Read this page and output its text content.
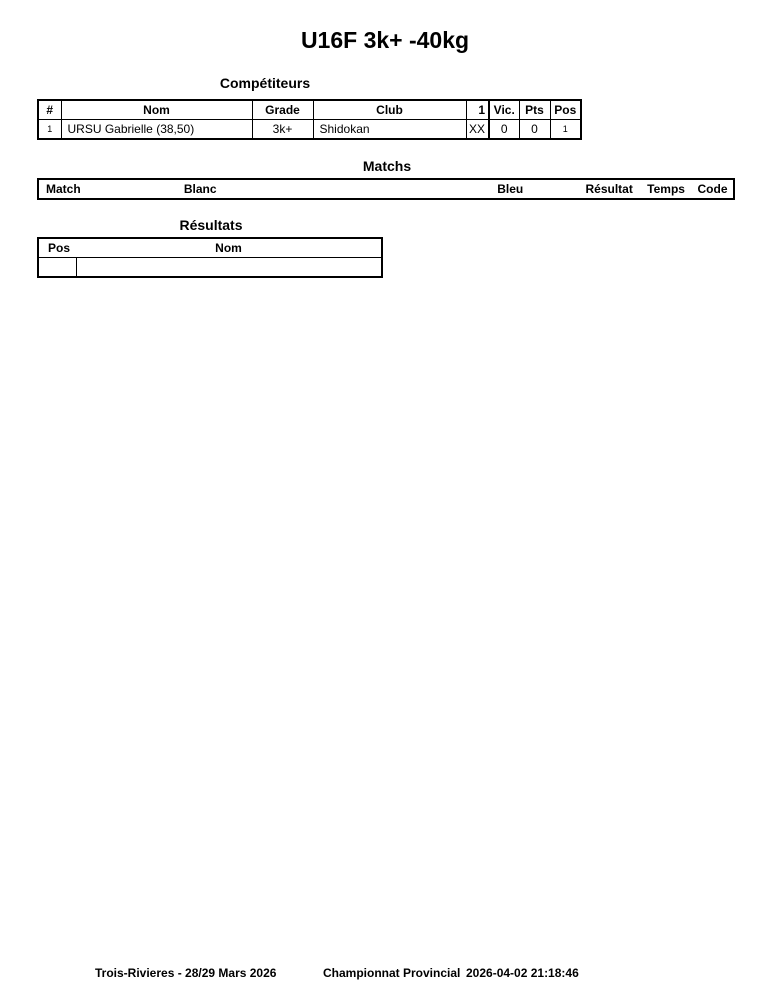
U16F 3k+ -40kg
Compétiteurs
#	Nom	Grade	Club	1	Vic.	Pts	Pos
1	URSU Gabrielle (38,50)	3k+	Shidokan	XX	0	0	1
Matchs
Match	Blanc	Bleu	Résultat	Temps	Code
Résultats
Pos	Nom

Trois-Rivieres - 28/29 Mars 2026	Championnat Provincial 2026-04-02 21:18:46
